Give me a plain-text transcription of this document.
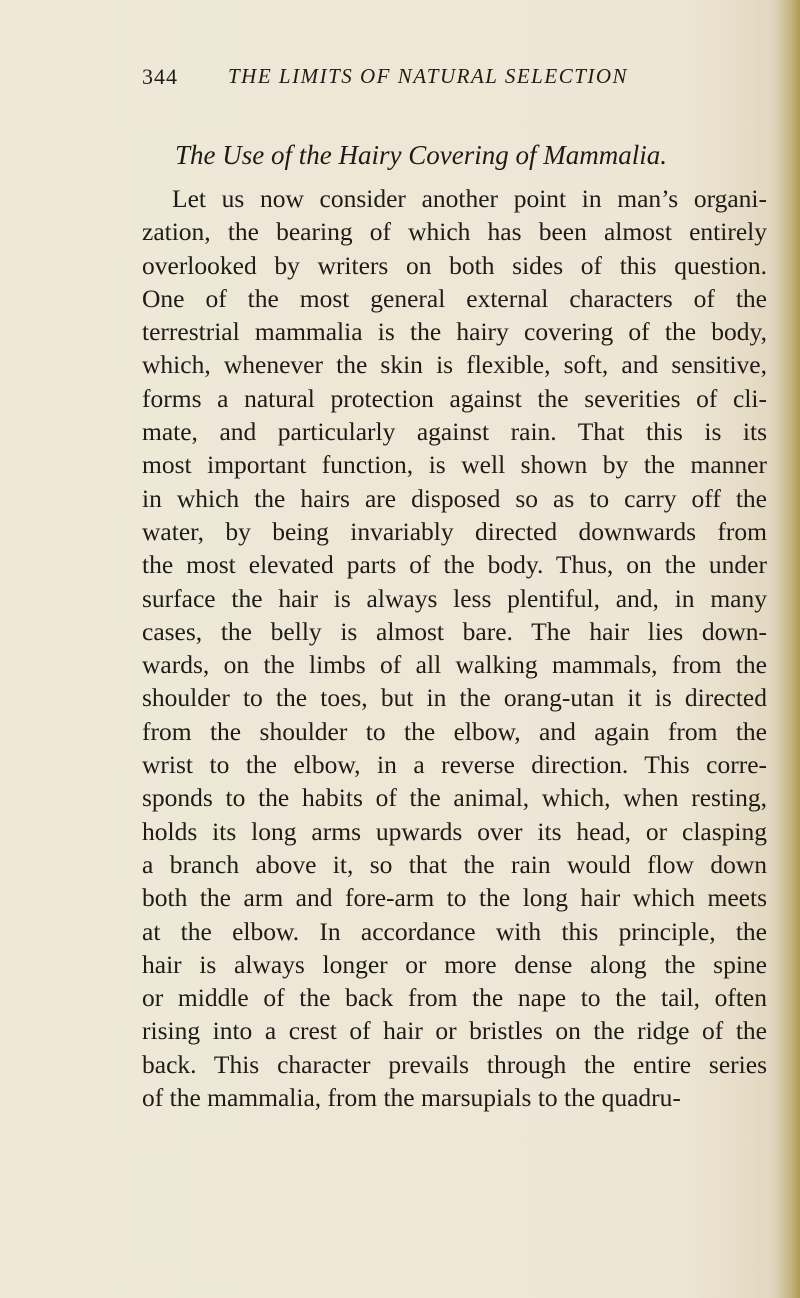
344 THE LIMITS OF NATURAL SELECTION
The Use of the Hairy Covering of Mammalia.
Let us now consider another point in man’s organi-
zation, the bearing of which has been almost entirely
overlooked by writers on both sides of this question.
One of the most general external characters of the
terrestrial mammalia is the hairy covering of the body,
which, whenever the skin is flexible, soft, and sensitive,
forms a natural protection against the severities of cli-
mate, and particularly against rain. That this is its
most important function, is well shown by the manner
in which the hairs are disposed so as to carry off the
water, by being invariably directed downwards from
the most elevated parts of the body. Thus, on the under
surface the hair is always less plentiful, and, in many
cases, the belly is almost bare. The hair lies down-
wards, on the limbs of all walking mammals, from the
shoulder to the toes, but in the orang-utan it is directed
from the shoulder to the elbow, and again from the
wrist to the elbow, in a reverse direction. This corre-
sponds to the habits of the animal, which, when resting,
holds its long arms upwards over its head, or clasping
a branch above it, so that the rain would flow down
both the arm and fore-arm to the long hair which meets
at the elbow. In accordance with this principle, the
hair is always longer or more dense along the spine
or middle of the back from the nape to the tail, often
rising into a crest of hair or bristles on the ridge of the
back. This character prevails through the entire series
of the mammalia, from the marsupials to the quadru-
